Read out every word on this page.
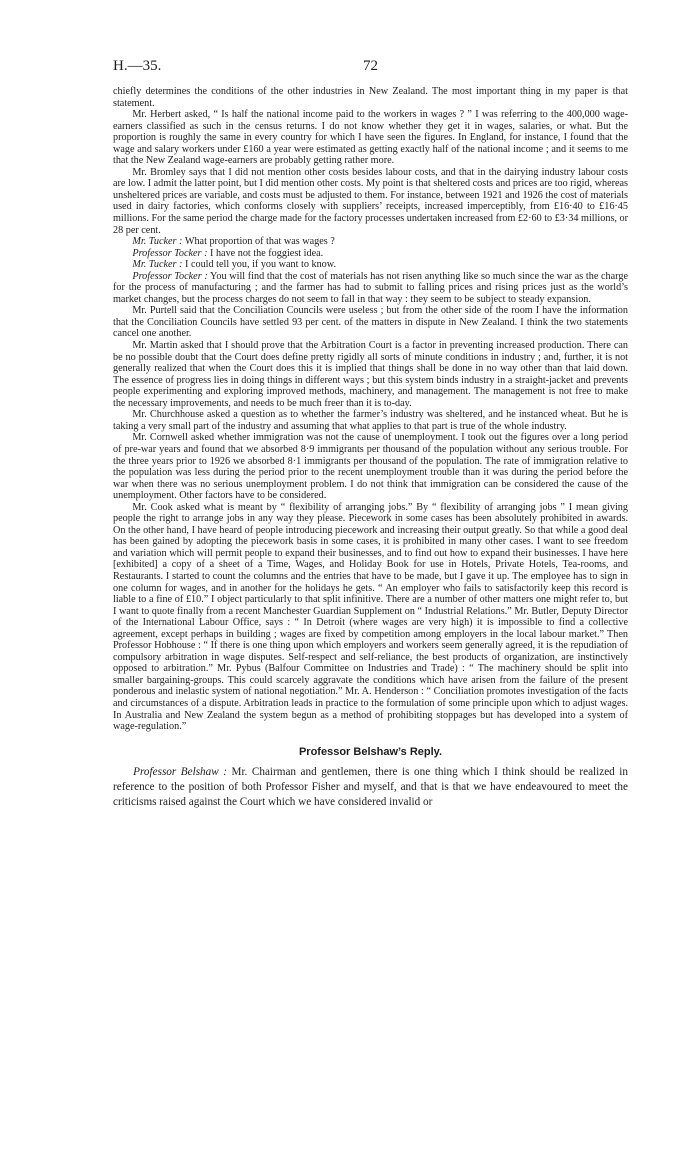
H.—35.	72

chiefly determines the conditions of the other industries in New Zealand. The most important thing in my paper is that statement.

Mr. Herbert asked, “ Is half the national income paid to the workers in wages ? ” I was referring to the 400,000 wage-earners classified as such in the census returns. I do not know whether they get it in wages, salaries, or what. But the proportion is roughly the same in every country for which I have seen the figures. In England, for instance, I found that the wage and salary workers under £160 a year were estimated as getting exactly half of the national income ; and it seems to me that the New Zealand wage-earners are probably getting rather more.

Mr. Bromley says that I did not mention other costs besides labour costs, and that in the dairying industry labour costs are low. I admit the latter point, but I did mention other costs. My point is that sheltered costs and prices are too rigid, whereas unsheltered prices are variable, and costs must be adjusted to them. For instance, between 1921 and 1926 the cost of materials used in dairy factories, which conforms closely with suppliers’ receipts, increased imperceptibly, from £16·40 to £16·45 millions. For the same period the charge made for the factory processes undertaken increased from £2·60 to £3·34 millions, or 28 per cent.

Mr. Tucker : What proportion of that was wages ?

Professor Tocker : I have not the foggiest idea.

Mr. Tucker : I could tell you, if you want to know.

Professor Tocker : You will find that the cost of materials has not risen anything like so much since the war as the charge for the process of manufacturing ; and the farmer has had to submit to falling prices and rising prices just as the world’s market changes, but the process charges do not seem to fall in that way : they seem to be subject to steady expansion.

Mr. Purtell said that the Conciliation Councils were useless ; but from the other side of the room I have the information that the Conciliation Councils have settled 93 per cent. of the matters in dispute in New Zealand. I think the two statements cancel one another.

Mr. Martin asked that I should prove that the Arbitration Court is a factor in preventing increased production. There can be no possible doubt that the Court does define pretty rigidly all sorts of minute conditions in industry ; and, further, it is not generally realized that when the Court does this it is implied that things shall be done in no way other than that laid down. The essence of progress lies in doing things in different ways ; but this system binds industry in a straight-jacket and prevents people experimenting and exploring improved methods, machinery, and management. The management is not free to make the necessary improvements, and needs to be much freer than it is to-day.

Mr. Churchhouse asked a question as to whether the farmer’s industry was sheltered, and he instanced wheat. But he is taking a very small part of the industry and assuming that what applies to that part is true of the whole industry.

Mr. Cornwell asked whether immigration was not the cause of unemployment. I took out the figures over a long period of pre-war years and found that we absorbed 8·9 immigrants per thousand of the population without any serious trouble. For the three years prior to 1926 we absorbed 8·1 immigrants per thousand of the population. The rate of immigration relative to the population was less during the period prior to the recent unemployment trouble than it was during the period before the war when there was no serious unemployment problem. I do not think that immigration can be considered the cause of the unemployment. Other factors have to be considered.

Mr. Cook asked what is meant by “ flexibility of arranging jobs.” By “ flexibility of arranging jobs ” I mean giving people the right to arrange jobs in any way they please. Piecework in some cases has been absolutely prohibited in awards. On the other hand, I have heard of people introducing piecework and increasing their output greatly. So that while a good deal has been gained by adopting the piecework basis in some cases, it is prohibited in many other cases. I want to see freedom and variation which will permit people to expand their businesses, and to find out how to expand their businesses. I have here [exhibited] a copy of a sheet of a Time, Wages, and Holiday Book for use in Hotels, Private Hotels, Tea-rooms, and Restaurants. I started to count the columns and the entries that have to be made, but I gave it up. The employee has to sign in one column for wages, and in another for the holidays he gets. “ An employer who fails to satisfactorily keep this record is liable to a fine of £10.” I object particularly to that split infinitive. There are a number of other matters one might refer to, but I want to quote finally from a recent Manchester Guardian Supplement on “ Industrial Relations.” Mr. Butler, Deputy Director of the International Labour Office, says : “ In Detroit (where wages are very high) it is impossible to find a collective agreement, except perhaps in building ; wages are fixed by competition among employers in the local labour market.” Then Professor Hobhouse : “ If there is one thing upon which employers and workers seem generally agreed, it is the repudiation of compulsory arbitration in wage disputes. Self-respect and self-reliance, the best products of organization, are instinctively opposed to arbitration.” Mr. Pybus (Balfour Committee on Industries and Trade) : “ The machinery should be split into smaller bargaining-groups. This could scarcely aggravate the conditions which have arisen from the failure of the present ponderous and inelastic system of national negotiation.” Mr. A. Henderson : “ Conciliation promotes investigation of the facts and circumstances of a dispute. Arbitration leads in practice to the formulation of some principle upon which to adjust wages. In Australia and New Zealand the system begun as a method of prohibiting stoppages but has developed into a system of wage-regulation.”

Professor Belshaw’s Reply.

Professor Belshaw : Mr. Chairman and gentlemen, there is one thing which I think should be realized in reference to the position of both Professor Fisher and myself, and that is that we have endeavoured to meet the criticisms raised against the Court which we have considered invalid or
